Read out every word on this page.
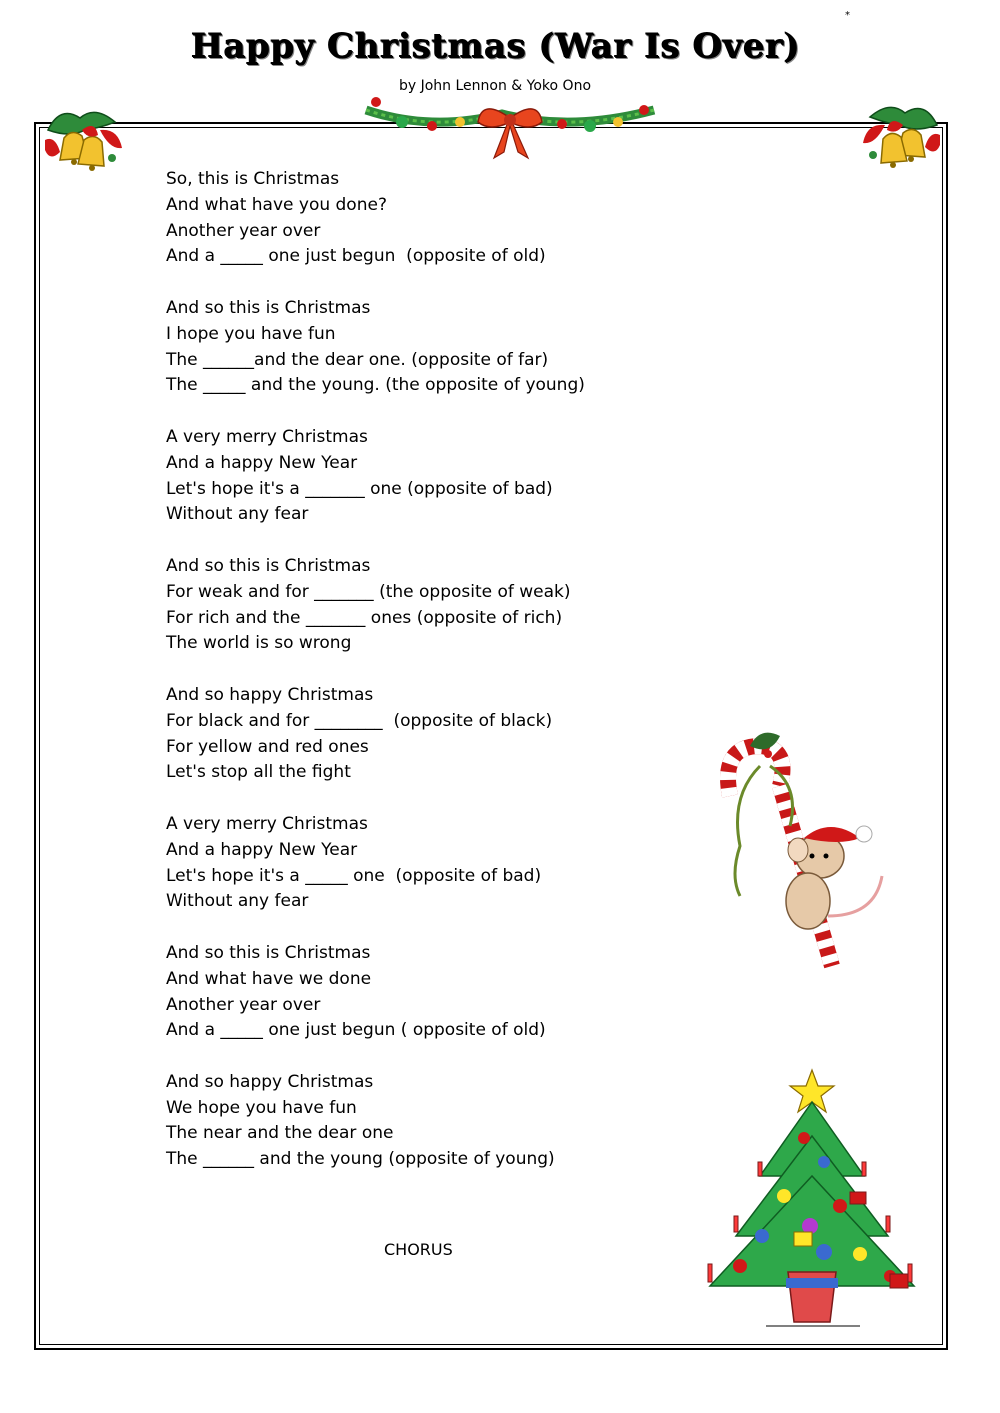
*
Happy Christmas (War Is Over)
by John Lennon & Yoko Ono
So, this is Christmas
And what have you done?
Another year over
And a _____ one just begun  (opposite of old)
And so this is Christmas
I hope you have fun
The ______and the dear one. (opposite of far)
The _____ and the young. (the opposite of young)
A very merry Christmas
And a happy New Year
Let's hope it's a _______ one (opposite of bad)
Without any fear
And so this is Christmas
For weak and for _______ (the opposite of weak)
For rich and the _______ ones (opposite of rich)
The world is so wrong
And so happy Christmas
For black and for ________  (opposite of black)
For yellow and red ones
Let's stop all the fight
A very merry Christmas
And a happy New Year
Let's hope it's a _____ one  (opposite of bad)
Without any fear
And so this is Christmas
And what have we done
Another year over
And a _____ one just begun ( opposite of old)
And so happy Christmas
We hope you have fun
The near and the dear one
The ______ and the young (opposite of young)
CHORUS
